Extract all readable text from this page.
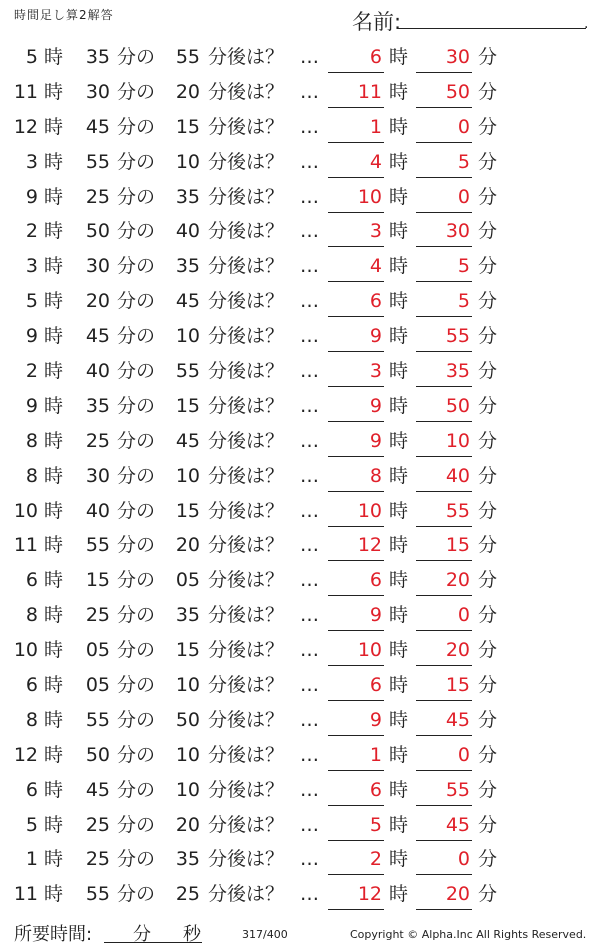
時間足し算2解答	名前:	.
5 時	35 分の	55 分後は？ …	6 時	30 分
11 時	30 分の	20 分後は？ …	11 時	50 分
12 時	45 分の	15 分後は？ …	1 時	0 分
3 時	55 分の	10 分後は？ …	4 時	5 分
9 時	25 分の	35 分後は？ …	10 時	0 分
2 時	50 分の	40 分後は？ …	3 時	30 分
3 時	30 分の	35 分後は？ …	4 時	5 分
5 時	20 分の	45 分後は？ …	6 時	5 分
9 時	45 分の	10 分後は？ …	9 時	55 分
2 時	40 分の	55 分後は？ …	3 時	35 分
9 時	35 分の	15 分後は？ …	9 時	50 分
8 時	25 分の	45 分後は？ …	9 時	10 分
8 時	30 分の	10 分後は？ …	8 時	40 分
10 時	40 分の	15 分後は？ …	10 時	55 分
11 時	55 分の	20 分後は？ …	12 時	15 分
6 時	15 分の	05 分後は？ …	6 時	20 分
8 時	25 分の	35 分後は？ …	9 時	0 分
10 時	05 分の	15 分後は？ …	10 時	20 分
6 時	05 分の	10 分後は？ …	6 時	15 分
8 時	55 分の	50 分後は？ …	9 時	45 分
12 時	50 分の	10 分後は？ …	1 時	0 分
6 時	45 分の	10 分後は？ …	6 時	55 分
5 時	25 分の	20 分後は？ …	5 時	45 分
1 時	25 分の	35 分後は？ …	2 時	0 分
11 時	55 分の	25 分後は？ …	12 時	20 分
所要時間: 分 秒	317/400	Copyright © Alpha.Inc All Rights Reserved.
